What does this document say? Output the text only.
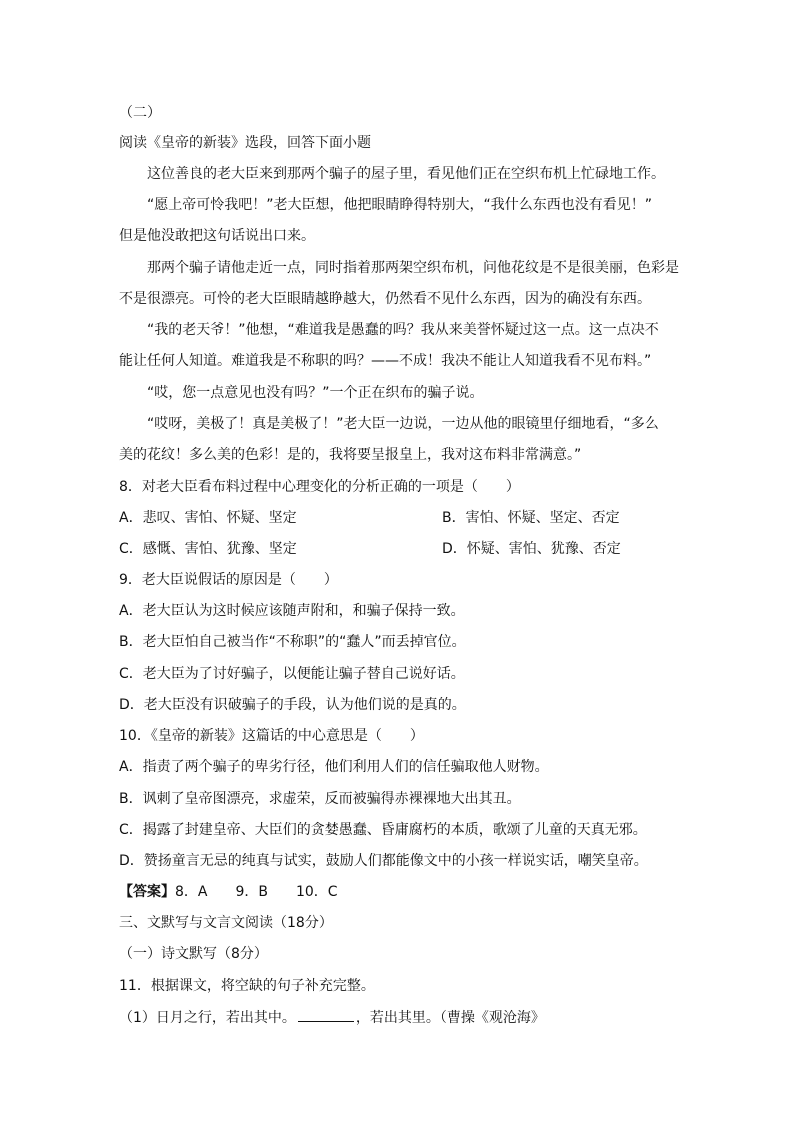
（二）
阅读《皇帝的新装》选段，回答下面小题
这位善良的老大臣来到那两个骗子的屋子里，看见他们正在空织布机上忙碌地工作。
“愿上帝可怜我吧！”老大臣想，他把眼睛睁得特别大，“我什么东西也没有看见！”
但是他没敢把这句话说出口来。
那两个骗子请他走近一点，同时指着那两架空织布机，问他花纹是不是很美丽，色彩是
不是很漂亮。可怜的老大臣眼睛越睁越大，仍然看不见什么东西，因为的确没有东西。
“我的老天爷！”他想，“难道我是愚蠢的吗？我从来美誉怀疑过这一点。这一点决不
能让任何人知道。难道我是不称职的吗？——不成！我决不能让人知道我看不见布料。”
“哎，您一点意见也没有吗？”一个正在织布的骗子说。
“哎呀，美极了！真是美极了！”老大臣一边说，一边从他的眼镜里仔细地看，“多么
美的花纹！多么美的色彩！是的，我将要呈报皇上，我对这布料非常满意。”
8．对老大臣看布料过程中心理变化的分析正确的一项是（　　）
A．悲叹、害怕、怀疑、坚定	B．害怕、怀疑、坚定、否定
C．感慨、害怕、犹豫、坚定	D．怀疑、害怕、犹豫、否定
9．老大臣说假话的原因是（　　）
A．老大臣认为这时候应该随声附和，和骗子保持一致。
B．老大臣怕自己被当作“不称职”的“蠢人”而丢掉官位。
C．老大臣为了讨好骗子，以便能让骗子替自己说好话。
D．老大臣没有识破骗子的手段，认为他们说的是真的。
10．《皇帝的新装》这篇话的中心意思是（　　）
A．指责了两个骗子的卑劣行径，他们利用人们的信任骗取他人财物。
B．讽刺了皇帝图漂亮，求虚荣，反而被骗得赤裸裸地大出其丑。
C．揭露了封建皇帝、大臣们的贪婪愚蠢、昏庸腐朽的本质，歌颂了儿童的天真无邪。
D．赞扬童言无忌的纯真与试实，鼓励人们都能像文中的小孩一样说实话，嘲笑皇帝。
【答案】8．A　　9．B　　10．C
三、文默写与文言文阅读（18分）
（一）诗文默写（8分）
11．根据课文，将空缺的句子补充完整。
（1）日月之行，若出其中。	，若出其里。（曹操《观沧海》
